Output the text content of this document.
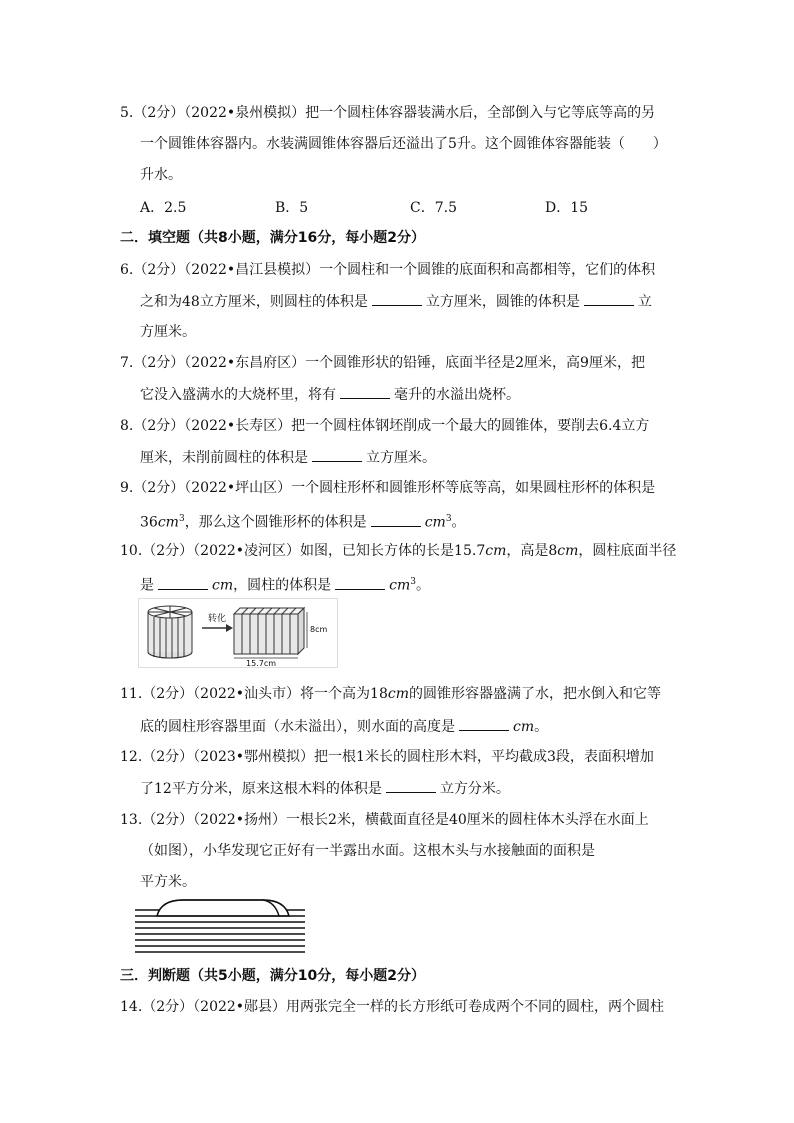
5.（2分）（2022•泉州模拟）把一个圆柱体容器装满水后，全部倒入与它等底等高的另
一个圆锥体容器内。水装满圆锥体容器后还溢出了5升。这个圆锥体容器能装（　　）
升水。
A．2.5	B．5	C．7.5	D．15
二．填空题（共8小题，满分16分，每小题2分）
6.（2分）（2022•昌江县模拟）一个圆柱和一个圆锥的底面积和高都相等，它们的体积
之和为48立方厘米，则圆柱的体积是	立方厘米，圆锥的体积是	立
方厘米。
7.（2分）（2022•东昌府区）一个圆锥形状的铅锤，底面半径是2厘米，高9厘米，把
它没入盛满水的大烧杯里，将有	毫升的水溢出烧杯。
8.（2分）（2022•长寿区）把一个圆柱体钢坯削成一个最大的圆锥体，要削去6.4立方
厘米，未削前圆柱的体积是	立方厘米。
9.（2分）（2022•坪山区）一个圆柱形杯和圆锥形杯等底等高，如果圆柱形杯的体积是
$36cm^3$，那么这个圆锥形杯的体积是	$cm^3$。
10.（2分）（2022•凌河区）如图，已知长方体的长是15.7cm，高是8cm，圆柱底面半径
是	cm，圆柱的体积是	$cm^3$。
转化
8cm
15.7cm
11.（2分）（2022•汕头市）将一个高为18cm的圆锥形容器盛满了水，把水倒入和它等
底的圆柱形容器里面（水未溢出），则水面的高度是	cm。
12.（2分）（2023•鄂州模拟）把一根1米长的圆柱形木料，平均截成3段，表面积增加
了12平方分米，原来这根木料的体积是	立方分米。
13.（2分）（2022•扬州）一根长2米，横截面直径是40厘米的圆柱体木头浮在水面上
（如图），小华发现它正好有一半露出水面。这根木头与水接触面的面积是
平方米。
三．判断题（共5小题，满分10分，每小题2分）
14.（2分）（2022•郧县）用两张完全一样的长方形纸可卷成两个不同的圆柱，两个圆柱
